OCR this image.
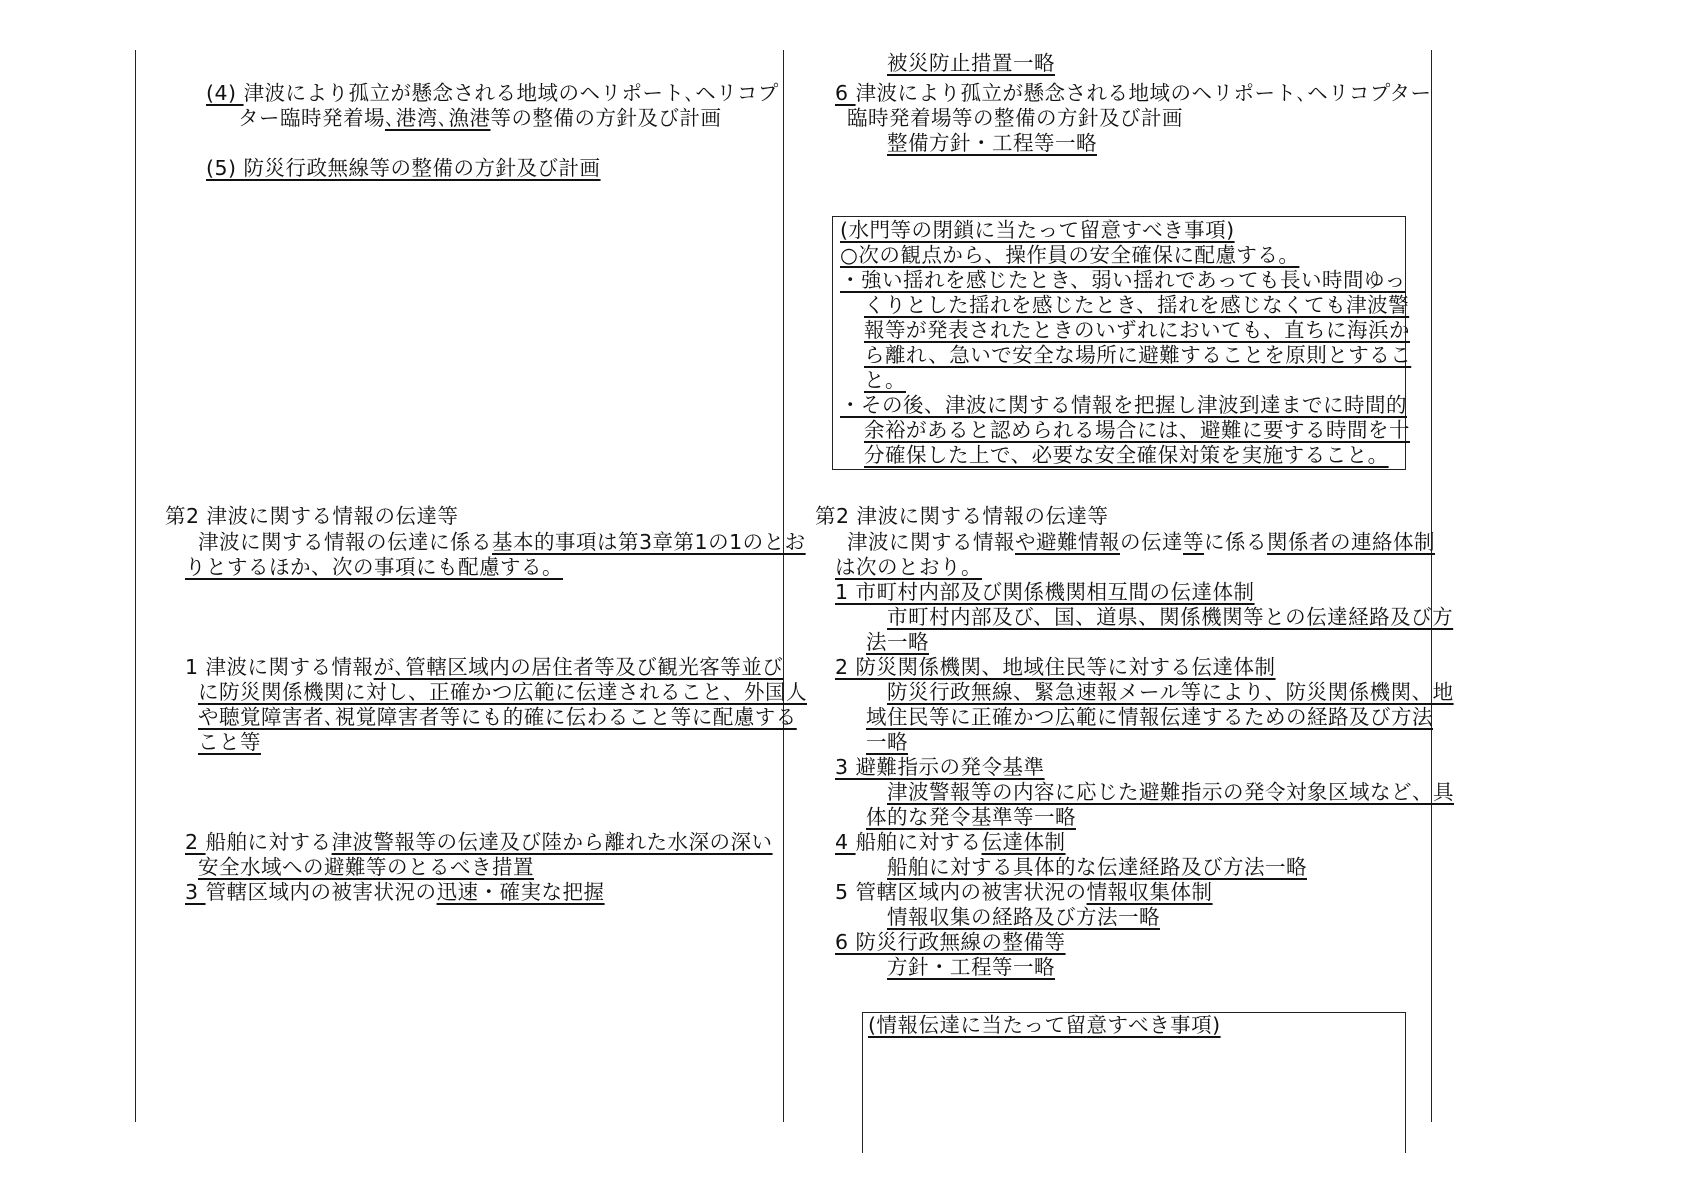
(4) 津波により孤立が懸念される地域のヘリポート､ヘリコプ
ター臨時発着場､港湾､漁港等の整備の方針及び計画
(5) 防災行政無線等の整備の方針及び計画
第2 津波に関する情報の伝達等
津波に関する情報の伝達に係る基本的事項は第3章第1の1のとお
りとするほか、次の事項にも配慮する。
1 津波に関する情報が､管轄区域内の居住者等及び観光客等並び
に防災関係機関に対し、正確かつ広範に伝達されること、外国人
や聴覚障害者､視覚障害者等にも的確に伝わること等に配慮する
こと等
2 船舶に対する津波警報等の伝達及び陸から離れた水深の深い
安全水域への避難等のとるべき措置
3 管轄区域内の被害状況の迅速・確実な把握
被災防止措置一略
6 津波により孤立が懸念される地域のヘリポート､ヘリコプター
臨時発着場等の整備の方針及び計画
整備方針・工程等一略
(水門等の閉鎖に当たって留意すべき事項)
○次の観点から、操作員の安全確保に配慮する。
・強い揺れを感じたとき、弱い揺れであっても長い時間ゆっ
くりとした揺れを感じたとき、揺れを感じなくても津波警
報等が発表されたときのいずれにおいても、直ちに海浜か
ら離れ、急いで安全な場所に避難することを原則とするこ
と。
・その後、津波に関する情報を把握し津波到達までに時間的
余裕があると認められる場合には、避難に要する時間を十
分確保した上で、必要な安全確保対策を実施すること。
第2 津波に関する情報の伝達等
津波に関する情報や避難情報の伝達等に係る関係者の連絡体制
は次のとおり。
1 市町村内部及び関係機関相互間の伝達体制
市町村内部及び、国、道県、関係機関等との伝達経路及び方
法一略
2 防災関係機関、地域住民等に対する伝達体制
防災行政無線、緊急速報メール等により、防災関係機関、地
域住民等に正確かつ広範に情報伝達するための経路及び方法
一略
3 避難指示の発令基準
津波警報等の内容に応じた避難指示の発令対象区域など、具
体的な発令基準等一略
4 船舶に対する伝達体制
船舶に対する具体的な伝達経路及び方法一略
5 管轄区域内の被害状況の情報収集体制
情報収集の経路及び方法一略
6 防災行政無線の整備等
方針・工程等一略
(情報伝達に当たって留意すべき事項)
